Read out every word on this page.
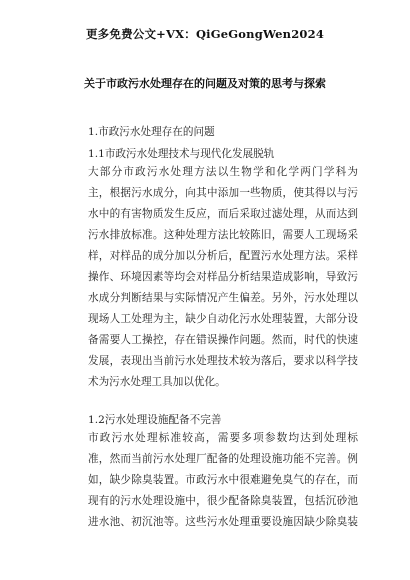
更多免费公文+VX：QiGeGongWen2024
关于市政污水处理存在的问题及对策的思考与探索
1.市政污水处理存在的问题
1.1市政污水处理技术与现代化发展脱轨
大部分市政污水处理方法以生物学和化学两门学科为
主，根据污水成分，向其中添加一些物质，使其得以与污
水中的有害物质发生反应，而后采取过滤处理，从而达到
污水排放标准。这种处理方法比较陈旧，需要人工现场采
样，对样品的成分加以分析后，配置污水处理方法。采样
操作、环境因素等均会对样品分析结果造成影响，导致污
水成分判断结果与实际情况产生偏差。另外，污水处理以
现场人工处理为主，缺少自动化污水处理装置，大部分设
备需要人工操控，存在错误操作问题。然而，时代的快速
发展，表现出当前污水处理技术较为落后，要求以科学技
术为污水处理工具加以优化。
1.2污水处理设施配备不完善
市政污水处理标准较高，需要多项参数均达到处理标
准，然而当前污水处理厂配备的处理设施功能不完善。例
如，缺少除臭装置。市政污水中很难避免臭气的存在，而
现有的污水处理设施中，很少配备除臭装置，包括沉砂池
进水池、初沉池等。这些污水处理重要设施因缺少除臭装
